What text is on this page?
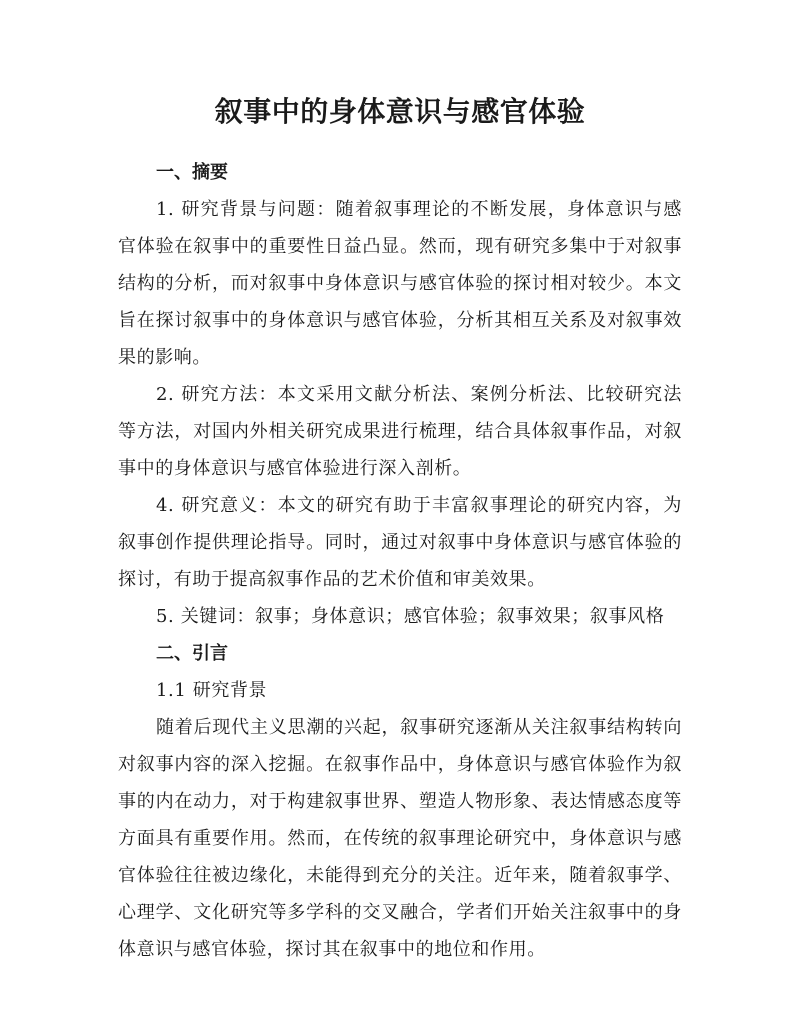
叙事中的身体意识与感官体验
一、摘要

1. 研究背景与问题：随着叙事理论的不断发展，身体意识与感官体验在叙事中的重要性日益凸显。然而，现有研究多集中于对叙事结构的分析，而对叙事中身体意识与感官体验的探讨相对较少。本文旨在探讨叙事中的身体意识与感官体验，分析其相互关系及对叙事效果的影响。

2. 研究方法：本文采用文献分析法、案例分析法、比较研究法等方法，对国内外相关研究成果进行梳理，结合具体叙事作品，对叙事中的身体意识与感官体验进行深入剖析。

4. 研究意义：本文的研究有助于丰富叙事理论的研究内容，为叙事创作提供理论指导。同时，通过对叙事中身体意识与感官体验的探讨，有助于提高叙事作品的艺术价值和审美效果。

5. 关键词：叙事；身体意识；感官体验；叙事效果；叙事风格

二、引言

1.1 研究背景

随着后现代主义思潮的兴起，叙事研究逐渐从关注叙事结构转向对叙事内容的深入挖掘。在叙事作品中，身体意识与感官体验作为叙事的内在动力，对于构建叙事世界、塑造人物形象、表达情感态度等方面具有重要作用。然而，在传统的叙事理论研究中，身体意识与感官体验往往被边缘化，未能得到充分的关注。近年来，随着叙事学、心理学、文化研究等多学科的交叉融合，学者们开始关注叙事中的身体意识与感官体验，探讨其在叙事中的地位和作用。
